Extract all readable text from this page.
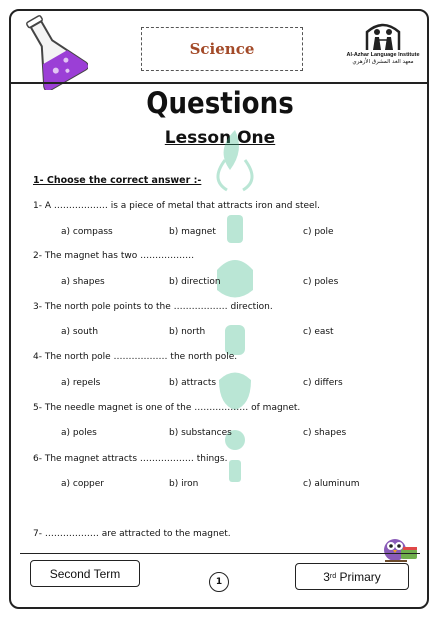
Science	Al-Azhar Language Institute
معهد الغد المشرق الأزهري
Questions
Lesson One
1- Choose the correct answer :-
1- A ……………… is a piece of metal that attracts iron and steel.
a) compass	b) magnet	c) pole
2- The magnet has two ………………
a) shapes	b) direction	c) poles
3- The north pole points to the ……………… direction.
a) south	b) north	c) east
4- The north pole ……………… the north pole.
a) repels	b) attracts	c) differs
5- The needle magnet is one of the ……………… of magnet.
a) poles	b) substances	c) shapes
6- The magnet attracts ……………… things.
a) copper	b) iron	c) aluminum
7- ……………… are attracted to the magnet.
Second Term
1	3 rd
Primary
